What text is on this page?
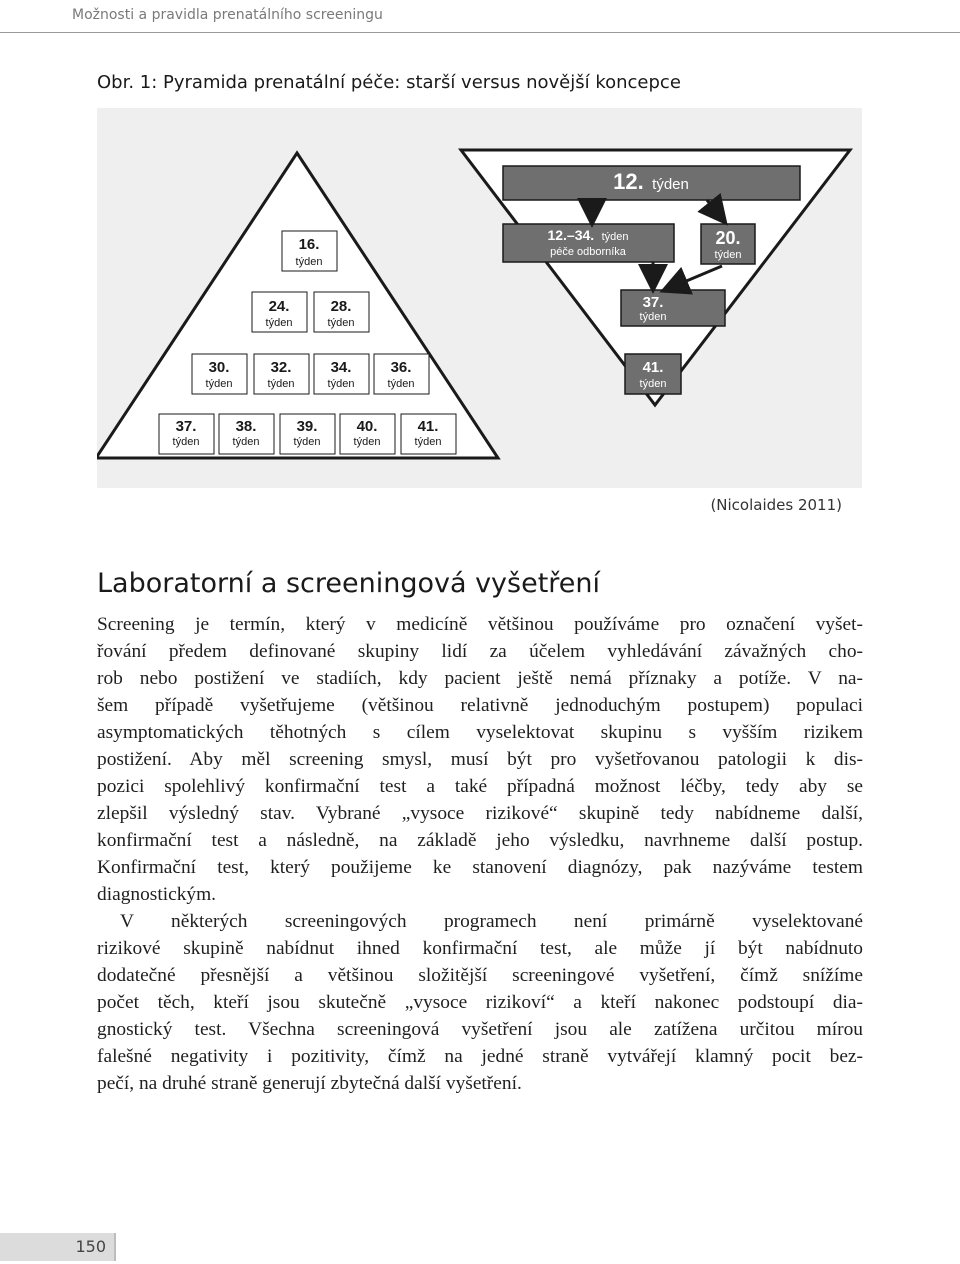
Možnosti a pravidla prenatálního screeningu
Obr. 1: Pyramida prenatální péče: starší versus novější koncepce
16.
týden
24.
týden
28.
týden
30.
týden
32.
týden
34.
týden
36.
týden
37.
týden
38.
týden
39.
týden
40.
týden
41.
týden
12. týden
12.–34. týden
péče odborníka
20.
týden
37.
týden
41.
týden
(Nicolaides 2011)
Laboratorní a screeningová vyšetření
Screening je termín, který v medicíně většinou používáme pro označení vyšet-
řování předem definované skupiny lidí za účelem vyhledávání závažných cho-
rob nebo postižení ve stadiích, kdy pacient ještě nemá příznaky a potíže. V na-
šem případě vyšetřujeme (většinou relativně jednoduchým postupem) populaci
asymptomatických těhotných s cílem vyselektovat skupinu s vyšším rizikem
postižení. Aby měl screening smysl, musí být pro vyšetřovanou patologii k dis-
pozici spolehlivý konfirmační test a také případná možnost léčby, tedy aby se
zlepšil výsledný stav. Vybrané „vysoce rizikové“ skupině tedy nabídneme další,
konfirmační test a následně, na základě jeho výsledku, navrhneme další postup.
Konfirmační test, který použijeme ke stanovení diagnózy, pak nazýváme testem
diagnostickým.
V některých screeningových programech není primárně vyselektované
rizikové skupině nabídnut ihned konfirmační test, ale může jí být nabídnuto
dodatečné přesnější a většinou složitější screeningové vyšetření, čímž snížíme
počet těch, kteří jsou skutečně „vysoce rizikoví“ a kteří nakonec podstoupí dia-
gnostický test. Všechna screeningová vyšetření jsou ale zatížena určitou mírou
falešné negativity i pozitivity, čímž na jedné straně vytvářejí klamný pocit bez-
pečí, na druhé straně generují zbytečná další vyšetření.
150
